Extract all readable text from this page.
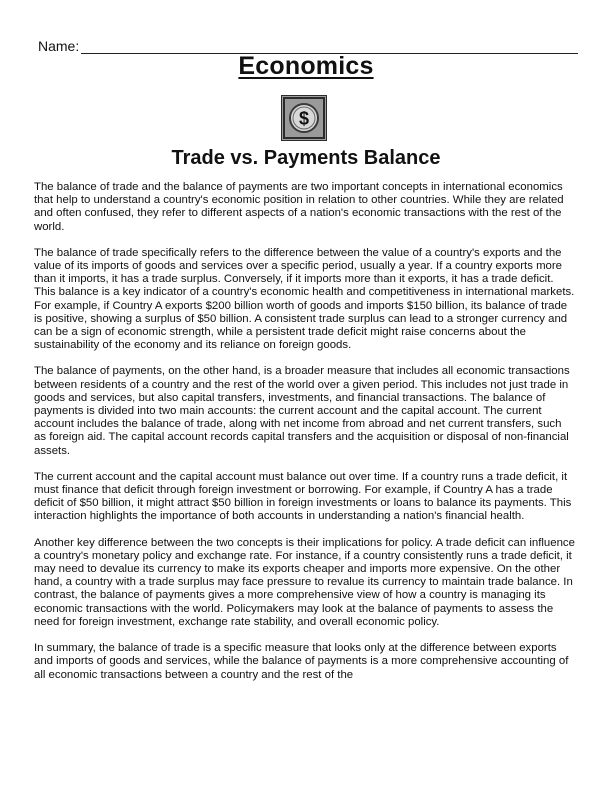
Name:
Economics
$
Trade vs. Payments Balance

The balance of trade and the balance of payments are two important concepts in international economics that help to understand a country's economic position in relation to other countries. While they are related and often confused, they refer to different aspects of a nation's economic transactions with the rest of the world.

The balance of trade specifically refers to the difference between the value of a country's exports and the value of its imports of goods and services over a specific period, usually a year. If a country exports more than it imports, it has a trade surplus. Conversely, if it imports more than it exports, it has a trade deficit. This balance is a key indicator of a country's economic health and competitiveness in international markets. For example, if Country A exports $200 billion worth of goods and imports $150 billion, its balance of trade is positive, showing a surplus of $50 billion. A consistent trade surplus can lead to a stronger currency and can be a sign of economic strength, while a persistent trade deficit might raise concerns about the sustainability of the economy and its reliance on foreign goods.

The balance of payments, on the other hand, is a broader measure that includes all economic transactions between residents of a country and the rest of the world over a given period. This includes not just trade in goods and services, but also capital transfers, investments, and financial transactions. The balance of payments is divided into two main accounts: the current account and the capital account. The current account includes the balance of trade, along with net income from abroad and net current transfers, such as foreign aid. The capital account records capital transfers and the acquisition or disposal of non-financial assets.

The current account and the capital account must balance out over time. If a country runs a trade deficit, it must finance that deficit through foreign investment or borrowing. For example, if Country A has a trade deficit of $50 billion, it might attract $50 billion in foreign investments or loans to balance its payments. This interaction highlights the importance of both accounts in understanding a nation's financial health.

Another key difference between the two concepts is their implications for policy. A trade deficit can influence a country's monetary policy and exchange rate. For instance, if a country consistently runs a trade deficit, it may need to devalue its currency to make its exports cheaper and imports more expensive. On the other hand, a country with a trade surplus may face pressure to revalue its currency to maintain trade balance. In contrast, the balance of payments gives a more comprehensive view of how a country is managing its economic transactions with the world. Policymakers may look at the balance of payments to assess the need for foreign investment, exchange rate stability, and overall economic policy.

In summary, the balance of trade is a specific measure that looks only at the difference between exports and imports of goods and services, while the balance of payments is a more comprehensive accounting of all economic transactions between a country and the rest of the
